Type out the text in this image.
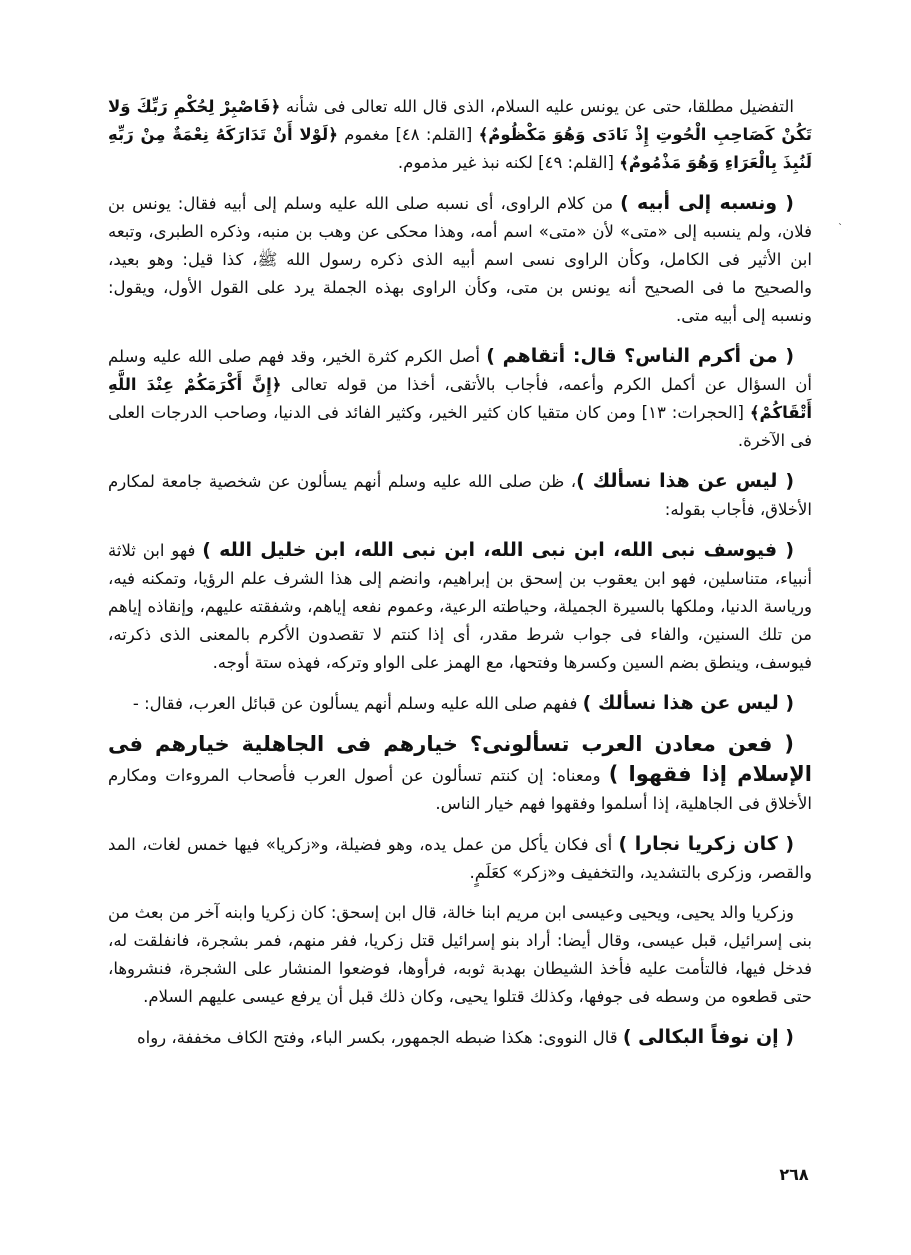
التفضيل مطلقا، حتى عن يونس عليه السلام، الذى قال الله تعالى فى شأنه ﴿فَاصْبِرْ لِحُكْمِ رَبِّكَ وَلا تَكُنْ كَصَاحِبِ الْحُوتِ إِذْ نَادَى وَهُوَ مَكْظُومٌ﴾ [القلم: ٤٨] مغموم ﴿لَوْلا أَنْ تَدَارَكَهُ نِعْمَةٌ مِنْ رَبِّهِ لَنُبِذَ بِالْعَرَاءِ وَهُوَ مَذْمُومٌ﴾ [القلم: ٤٩] لكنه نبذ غير مذموم.

( ونسبه إلى أبيه ) من كلام الراوى، أى نسبه صلى الله عليه وسلم إلى أبيه فقال: يونس بن فلان، ولم ينسبه إلى «متى» لأن «متى» اسم أمه، وهذا محكى عن وهب بن منبه، وذكره الطبرى، وتبعه ابن الأثير فى الكامل، وكأن الراوى نسى اسم أبيه الذى ذكره رسول الله ﷺ، كذا قيل: وهو بعيد، والصحيح ما فى الصحيح أنه يونس بن متى، وكأن الراوى بهذه الجملة يرد على القول الأول، ويقول: ونسبه إلى أبيه متى.

( من أكرم الناس؟ قال: أتقاهم ) أصل الكرم كثرة الخير، وقد فهم صلى الله عليه وسلم أن السؤال عن أكمل الكرم وأعمه، فأجاب بالأتقى، أخذا من قوله تعالى ﴿إِنَّ أَكْرَمَكُمْ عِنْدَ اللَّهِ أَتْقَاكُمْ﴾ [الحجرات: ١٣] ومن كان متقيا كان كثير الخير، وكثير الفائد فى الدنيا، وصاحب الدرجات العلى فى الآخرة.

( ليس عن هذا نسألك )، ظن صلى الله عليه وسلم أنهم يسألون عن شخصية جامعة لمكارم الأخلاق، فأجاب بقوله:

( فيوسف نبى الله، ابن نبى الله، ابن نبى الله، ابن خليل الله ) فهو ابن ثلاثة أنبياء، متناسلين، فهو ابن يعقوب بن إسحق بن إبراهيم، وانضم إلى هذا الشرف علم الرؤيا، وتمكنه فيه، ورياسة الدنيا، وملكها بالسيرة الجميلة، وحياطته الرعية، وعموم نفعه إياهم، وشفقته عليهم، وإنقاذه إياهم من تلك السنين، والفاء فى جواب شرط مقدر، أى إذا كنتم لا تقصدون الأكرم بالمعنى الذى ذكرته، فيوسف، وينطق بضم السين وكسرها وفتحها، مع الهمز على الواو وتركه، فهذه ستة أوجه.

( ليس عن هذا نسألك ) ففهم صلى الله عليه وسلم أنهم يسألون عن قبائل العرب، فقال: -

( فعن معادن العرب تسألونى؟ خيارهم فى الجاهلية خيارهم فى الإسلام إذا فقهوا ) ومعناه: إن كنتم تسألون عن أصول العرب فأصحاب المروءات ومكارم الأخلاق فى الجاهلية، إذا أسلموا وفقهوا فهم خيار الناس.

( كان زكريا نجارا ) أى فكان يأكل من عمل يده، وهو فضيلة، و«زكريا» فيها خمس لغات، المد والقصر، وزكرى بالتشديد، والتخفيف و«زكر» كعَلَمٍ.

وزكريا والد يحيى، ويحيى وعيسى ابن مريم ابنا خالة، قال ابن إسحق: كان زكريا وابنه آخر من بعث من بنى إسرائيل، قبل عيسى، وقال أيضا: أراد بنو إسرائيل قتل زكريا، ففر منهم، فمر بشجرة، فانفلقت له، فدخل فيها، فالتأمت عليه فأخذ الشيطان بهدبة ثوبه، فرأوها، فوضعوا المنشار على الشجرة، فنشروها، حتى قطعوه من وسطه فى جوفها، وكذلك قتلوا يحيى، وكان ذلك قبل أن يرفع عيسى عليهم السلام.

( إن نوفاً البكالى ) قال النووى: هكذا ضبطه الجمهور، بكسر الباء، وفتح الكاف مخففة، رواه

`
٢٦٨
